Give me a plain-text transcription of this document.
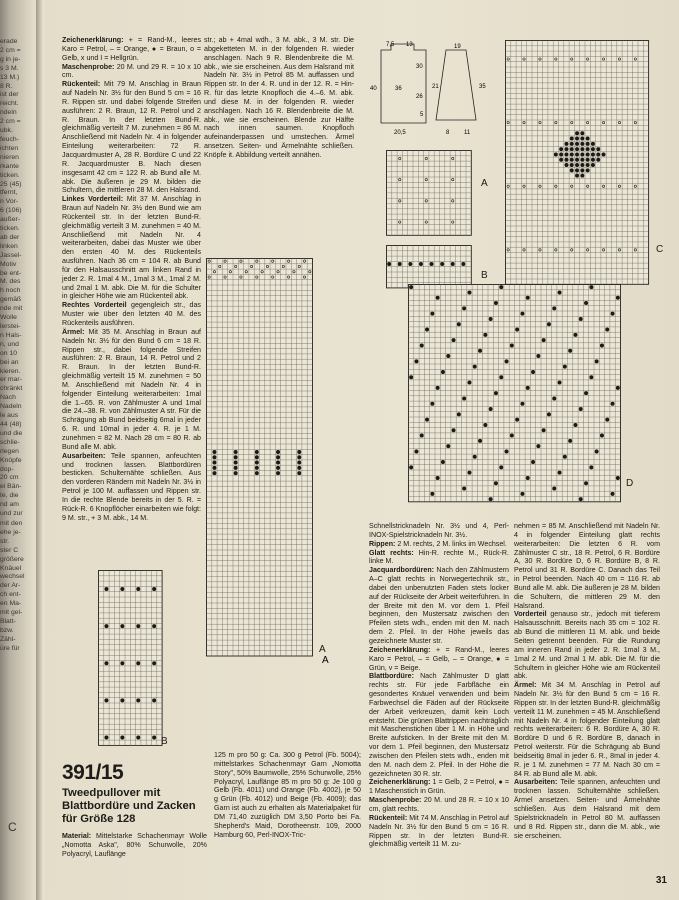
erade
2 cm =
g in je-
s 3 M.
13 M.)
8 R.
ist der
reicht.
ndeln
2 cm =
ubk.
feuch-
ichten
nieren
rkante
ticken.
25 (45)
tfernt,
n Vor-
6 (106)
außer-
ticken.
ab der
linken
Jassel-
Motiv
be ent-
M. des
h noch
gemäß
nde mit
Wolle
lerstei-
n Hals-
n, und
on 10
bei an
kieren.
er mar-
chränkt
Nach
Nadeln
le aus
44 (48)
und die
schlie-
rlegen
Knöpfe
dop-
20 cm
ei Bän-
te, die
nd am
und zur
mit den
ehe je-
str.
ster C
größere
Knäuel
wechsel
der Ar-
ch ent-
en Ma-
mit gel-
Blatt-
bzw.
Zähl-
üre für
C

Zeichenerklärung: + = Rand-M., leeres Karo = Petrol, – = Orange, ● = Braun, o = Gelb, x und I = Hellgrün.

Maschenprobe: 20 M. und 29 R. = 10 x 10 cm.

Rückenteil: Mit 79 M. Anschlag in Braun auf Nadeln Nr. 3½ für den Bund 5 cm = 16 R. Rippen str. und dabei folgende Streifen ausführen: 2 R. Braun, 12 R. Petrol und 2 R. Braun. In der letzten Bund-R. gleichmäßig verteilt 7 M. zunehmen = 86 M. Anschließend mit Nadeln Nr. 4 in folgender Einteilung weiterarbeiten: 72 R. Jacquardmuster A, 28 R. Bordüre C und 22 R. Jacquardmuster B. Nach diesen insgesamt 42 cm = 122 R. ab Bund alle M. abk. Die äußeren je 29 M. bilden die Schultern, die mittleren 28 M. den Halsrand.

Linkes Vorderteil: Mit 37 M. Anschlag in Braun auf Nadeln Nr. 3½ den Bund wie am Rückenteil str. In der letzten Bund-R. gleichmäßig verteilt 3 M. zunehmen = 40 M. Anschließend mit Nadeln Nr. 4 weiterarbeiten, dabei das Muster wie über den ersten 40 M. des Rückenteils ausführen. Nach 36 cm = 104 R. ab Bund für den Halsausschnitt am linken Rand in jeder 2. R. 1mal 4 M., 1mal 3 M., 1mal 2 M. und 2mal 1 M. abk. Die M. für die Schulter in gleicher Höhe wie am Rückenteil abk.

Rechtes Vorderteil gegengleich str., das Muster wie über den letzten 40 M. des Rückenteils ausführen.

Ärmel: Mit 35 M. Anschlag in Braun auf Nadeln Nr. 3½ für den Bund 6 cm = 18 R. Rippen str., dabei folgende Streifen ausführen: 2 R. Braun, 14 R. Petrol und 2 R. Braun. In der letzten Bund-R. gleichmäßig verteilt 15 M. zunehmen = 50 M. Anschließend mit Nadeln Nr. 4 in folgender Einteilung weiterarbeiten: 1mal die 1.–65. R. von Zählmuster A und 1mal die 24.–38. R. von Zählmuster A str. Für die Schrägung ab Bund beidseitig 6mal in jeder 6. R. und 10mal in jeder 4. R. je 1 M. zunehmen = 82 M. Nach 28 cm = 80 R. ab Bund alle M. abk.

Ausarbeiten: Teile spannen, anfeuchten und trocknen lassen. Blattbordüren besticken. Schulternähte schließen. Aus den vorderen Rändern mit Nadeln Nr. 3½ in Petrol je 100 M. auffassen und Rippen str. In die rechte Blende bereits in der 5. R. = Rück-R. 6 Knopflöcher einarbeiten wie folgt: 9 M. str., + 3 M. abk., 14 M.

str.; ab + 4mal wdh., 3 M. abk., 3 M. str. Die abgeketteten M. in der folgenden R. wieder anschlagen. Nach 9 R. Blendenbreite die M. abk., wie sie erscheinen. Aus dem Halsrand mit Nadeln Nr. 3½ in Petrol 85 M. auffassen und Rippen str. In der 4. R. und in der 12. R. = Hin-R. für das letzte Knopfloch die 4.–6. M. abk. und diese M. in der folgenden R. wieder anschlagen. Nach 16 R. Blendenbreite die M. abk., wie sie erscheinen. Blende zur Hälfte nach innen saumen. Knopfloch aufeinanderpassen und umstechen. Ärmel ansetzen. Seiten- und Ärmelnähte schließen. Knöpfe it. Abbildung verteilt annähen.

A
B
A
7,5 13
40
20,5
19
8 11
21	35
30
26
5
36
A
B
C
D

Schnellstricknadeln Nr. 3½ und 4, Perl-INOX-Spielstricknadeln Nr. 3½.

Rippen: 2 M. rechts, 2 M. links im Wechsel.

Glatt rechts: Hin-R. rechte M., Rück-R. linke M.

Jacquardbordüren: Nach den Zählmustern A–C glatt rechts in Norwegertechnik str., dabei den unbenutzten Faden stets locker auf der Rückseite der Arbeit weiterführen. In der Breite mit den M. vor dem 1. Pfeil beginnen, den Mustersatz zwischen den Pfeilen stets wdh., enden mit den M. nach dem 2. Pfeil. In der Höhe jeweils das gezeichnete Muster str.

Zeichenerklärung: + = Rand-M., leeres Karo = Petrol, – = Gelb, – = Orange, ● = Grün, v = Beige.

Blattbordüre: Nach Zählmuster D glatt rechts str. Für jede Farbfläche ein gesondertes Knäuel verwenden und beim Farbwechsel die Fäden auf der Rückseite der Arbeit verkreuzen, damit kein Loch entsteht. Die grünen Blattrippen nachträglich mit Maschenstichen über 1 M. in Höhe und Breite aufsticken. In der Breite mit den M. vor dem 1. Pfeil beginnen, den Mustersatz zwischen den Pfeilen stets wdh., enden mit den M. nach dem 2. Pfeil. In der Höhe die gezeichneten 30 R. str.

Zeichenerklärung: 1 = Gelb, 2 = Petrol, ● = 1 Maschenstich in Grün.

Maschenprobe: 20 M. und 28 R. = 10 x 10 cm, glatt rechts.

Rückenteil: Mit 74 M. Anschlag in Petrol auf Nadeln Nr. 3½ für den Bund 5 cm = 16 R. Rippen str. In der letzten Bund-R. gleichmäßig verteilt 11 M. zu-

nehmen = 85 M. Anschließend mit Nadeln Nr. 4 in folgender Einteilung glatt rechts weiterarbeiten: Die letzten 6 R. vom Zählmuster C str., 18 R. Petrol, 6 R. Bordüre A, 30 R. Bordüre D, 6 R. Bordüre B, 8 R. Petrol und 31 R. Bordüre C. Danach das Teil in Petrol beenden. Nach 40 cm = 116 R. ab Bund alle M. abk. Die äußeren je 28 M. bilden die Schultern, die mittleren 29 M. den Halsrand.

Vorderteil genauso str., jedoch mit tieferem Halsausschnitt. Bereits nach 35 cm = 102 R. ab Bund die mittleren 11 M. abk. und beide Seiten getrennt beenden. Für die Rundung am inneren Rand in jeder 2. R. 1mal 3 M., 1mal 2 M. und 2mal 1 M. abk. Die M. für die Schultern in gleicher Höhe wie am Rückenteil abk.

Ärmel: Mit 34 M. Anschlag in Petrol auf Nadeln Nr. 3½ für den Bund 5 cm = 16 R. Rippen str. In der letzten Bund-R. gleichmäßig verteilt 11 M. zunehmen = 45 M. Anschließend mit Nadeln Nr. 4 in folgender Einteilung glatt rechts weiterarbeiten: 6 R. Bordüre A, 30 R. Bordüre D und 6 R. Bordüre B, danach in Petrol weiterstr. Für die Schrägung ab Bund beidseitig 8mal in jeder 6. R., 8mal in jeder 4. R. je 1 M. zunehmen = 77 M. Nach 30 cm = 84 R. ab Bund alle M. abk.

Ausarbeiten: Teile spannen, anfeuchten und trocknen lassen. Schulternähte schließen. Ärmel ansetzen. Seiten- und Ärmelnähte schließen. Aus dem Halsrand mit dem Spielstricknadeln in Petrol 80 M. auffassen und 8 Rd. Rippen str., dann die M. abk., wie sie erscheinen.

391/15
Tweedpullover mit Blattbordüre und Zacken für Größe 128
Material: Mittelstarke Schachenmayr Wolle „Nomotta Aska", 80% Schurwolle, 20% Polyacryl, Lauflänge

125 m pro 50 g: Ca. 300 g Petrol (Fb. 5004); mittelstarkes Schachenmayr Garn „Nomotta Story", 50% Baumwolle, 25% Schurwolle, 25% Polyacryl, Lauflänge 85 m pro 50 g: Je 100 g Gelb (Fb. 4011) und Orange (Fb. 4002), je 50 g Grün (Fb. 4012) und Beige (Fb. 4009); das Garn ist auch zu erhalten als Materialpaket für DM 71,40 zuzüglich DM 3,50 Porto bei Fa. Shepherd's Maid, Dorotheenstr. 109, 2000 Hamburg 60, Perl-INOX-Tric-

31
